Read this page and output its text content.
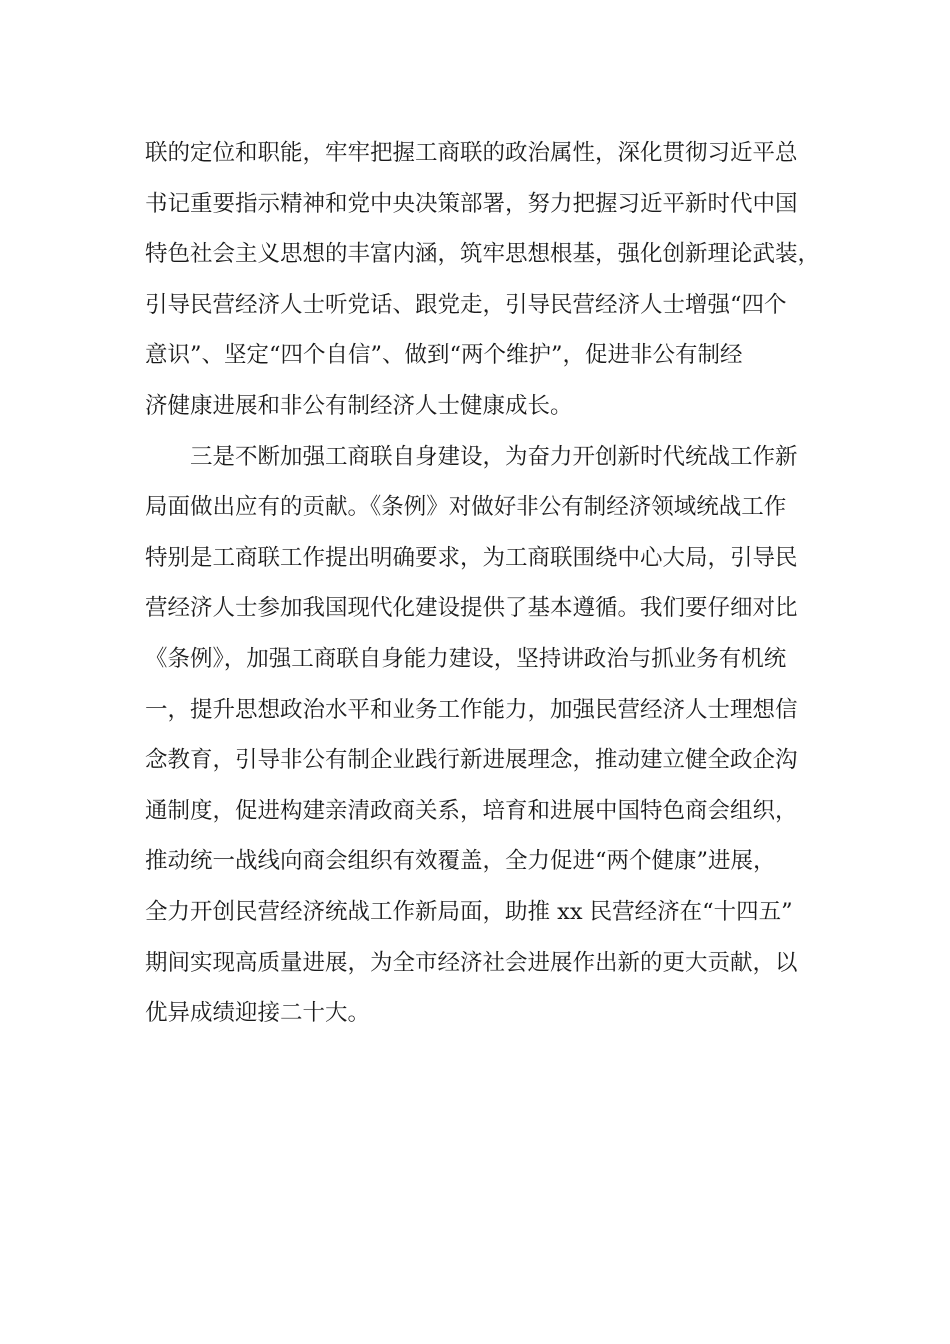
联的定位和职能，牢牢把握工商联的政治属性，深化贯彻习近平总
书记重要指示精神和党中央决策部署，努力把握习近平新时代中国
特色社会主义思想的丰富内涵，筑牢思想根基，强化创新理论武装，
引导民营经济人士听党话、跟党走，引导民营经济人士增强“四个
意识”、坚定“四个自信”、做到“两个维护”，促进非公有制经
济健康进展和非公有制经济人士健康成长。
三是不断加强工商联自身建设，为奋力开创新时代统战工作新
局面做出应有的贡献。《条例》对做好非公有制经济领域统战工作
特别是工商联工作提出明确要求，为工商联围绕中心大局，引导民
营经济人士参加我国现代化建设提供了基本遵循。我们要仔细对比
《条例》，加强工商联自身能力建设，坚持讲政治与抓业务有机统
一，提升思想政治水平和业务工作能力，加强民营经济人士理想信
念教育，引导非公有制企业践行新进展理念，推动建立健全政企沟
通制度，促进构建亲清政商关系，培育和进展中国特色商会组织，
推动统一战线向商会组织有效覆盖，全力促进“两个健康”进展，
全力开创民营经济统战工作新局面，助推 xx 民营经济在“十四五”
期间实现高质量进展，为全市经济社会进展作出新的更大贡献，以
优异成绩迎接二十大。
